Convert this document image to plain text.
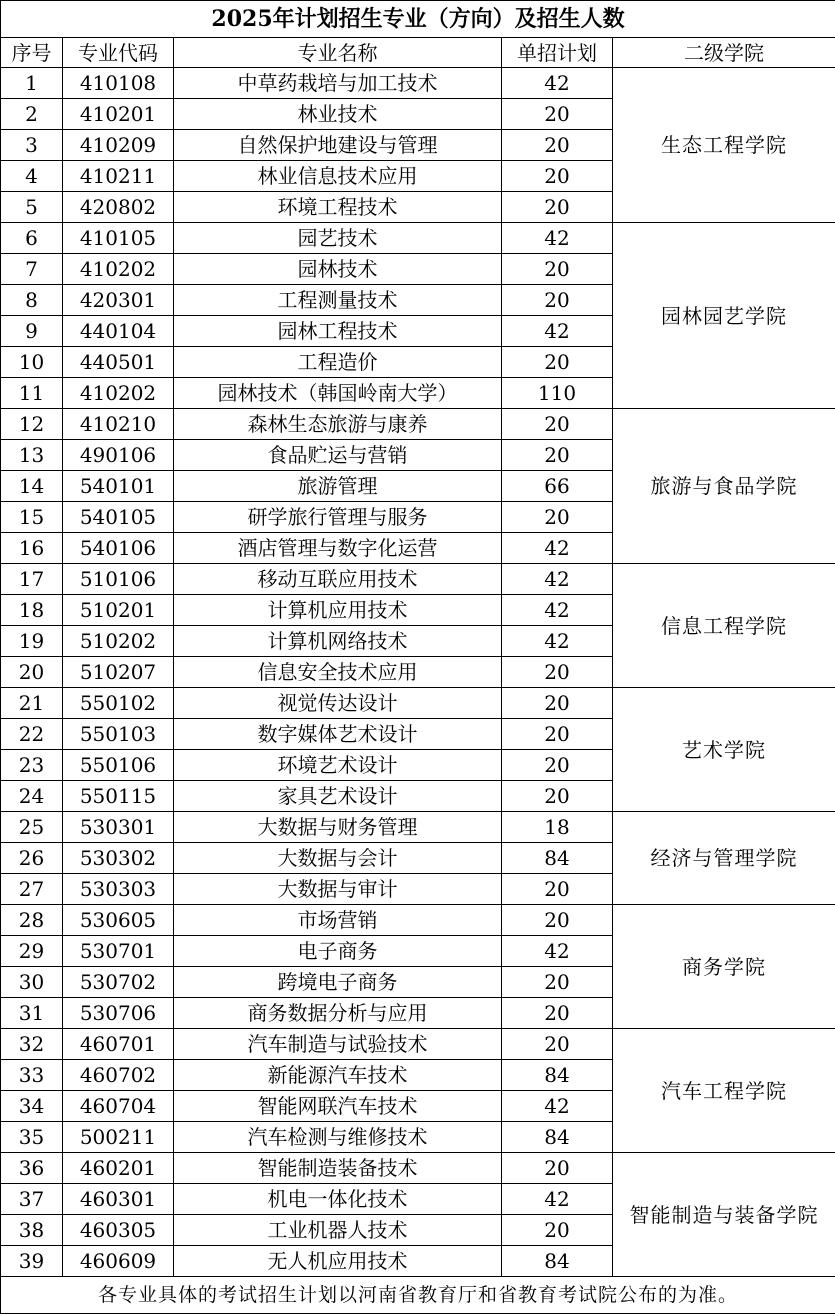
2025年计划招生专业（方向）及招生人数				
序号	专业代码	专业名称	单招计划	二级学院
1	410108	中草药栽培与加工技术	42	生态工程学院
2	410201	林业技术	20	
3	410209	自然保护地建设与管理	20	
4	410211	林业信息技术应用	20	
5	420802	环境工程技术	20	
6	410105	园艺技术	42	园林园艺学院
7	410202	园林技术	20	
8	420301	工程测量技术	20	
9	440104	园林工程技术	42	
10	440501	工程造价	20	
11	410202	园林技术（韩国岭南大学）	110	
12	410210	森林生态旅游与康养	20	旅游与食品学院
13	490106	食品贮运与营销	20	
14	540101	旅游管理	66	
15	540105	研学旅行管理与服务	20	
16	540106	酒店管理与数字化运营	42	
17	510106	移动互联应用技术	42	信息工程学院
18	510201	计算机应用技术	42	
19	510202	计算机网络技术	42	
20	510207	信息安全技术应用	20	
21	550102	视觉传达设计	20	艺术学院
22	550103	数字媒体艺术设计	20	
23	550106	环境艺术设计	20	
24	550115	家具艺术设计	20	
25	530301	大数据与财务管理	18	经济与管理学院
26	530302	大数据与会计	84	
27	530303	大数据与审计	20	
28	530605	市场营销	20	商务学院
29	530701	电子商务	42	
30	530702	跨境电子商务	20	
31	530706	商务数据分析与应用	20	
32	460701	汽车制造与试验技术	20	汽车工程学院
33	460702	新能源汽车技术	84	
34	460704	智能网联汽车技术	42	
35	500211	汽车检测与维修技术	84	
36	460201	智能制造装备技术	20	智能制造与装备学院
37	460301	机电一体化技术	42	
38	460305	工业机器人技术	20	
39	460609	无人机应用技术	84	
各专业具体的考试招生计划以河南省教育厅和省教育考试院公布的为准。				
